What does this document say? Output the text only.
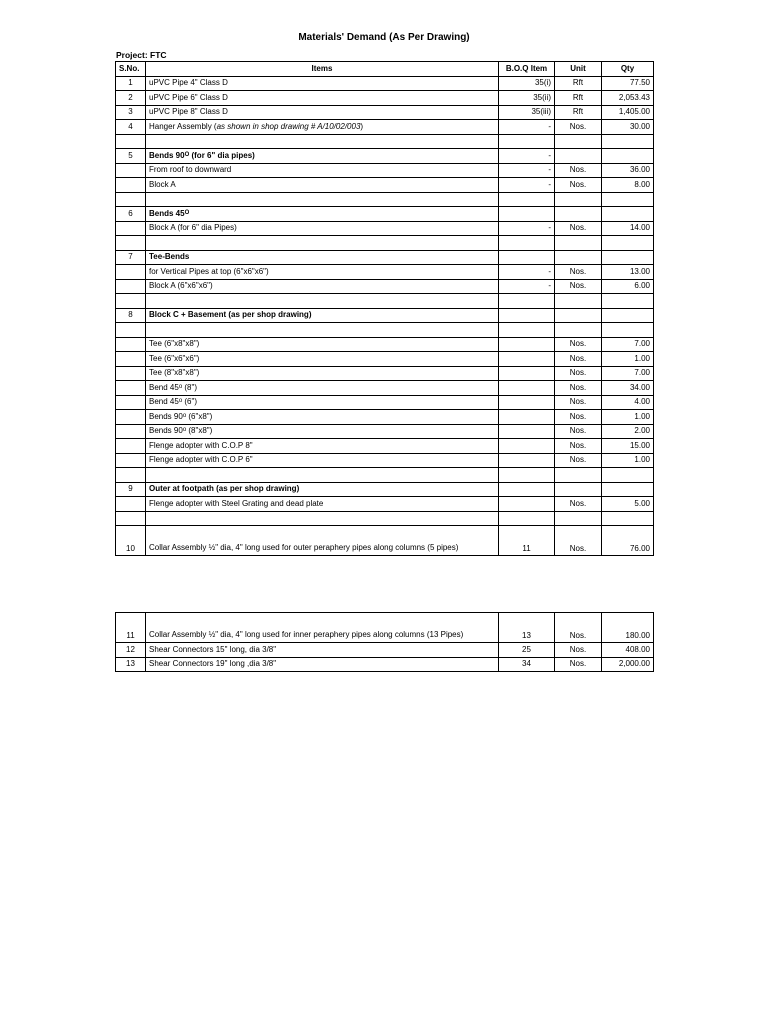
Materials' Demand (As Per Drawing)
Project: FTC
S.No.	Items	B.O.Q Item	Unit	Qty
1	uPVC Pipe 4" Class D	35(i)	Rft	77.50
2	uPVC Pipe 6" Class D	35(ii)	Rft	2,053.43
3	uPVC Pipe 8" Class D	35(iii)	Rft	1,405.00
4	Hanger Assembly (as shown in shop drawing # A/10/02/003)	-	Nos.	30.00

5	Bends $90^O$ (for 6" dia pipes)	-		
	From roof to downward	-	Nos.	36.00
	Block A	-	Nos.	8.00

6	Bends $45^O$			
	Block A (for 6" dia Pipes)	-	Nos.	14.00

7	Tee-Bends			
	for Vertical Pipes at top (6"x6"x6")	-	Nos.	13.00
	Block A (6"x6"x6")	-	Nos.	6.00

8	Block C + Basement (as per shop drawing)			

	Tee (6"x8"x8")		Nos.	7.00
	Tee (6"x6"x6")		Nos.	1.00
	Tee (8"x8"x8")		Nos.	7.00
	Bend 45$^o$ (8")		Nos.	34.00
	Bend 45$^o$ (6")		Nos.	4.00
	Bends 90$^o$ (6"x8")		Nos.	1.00
	Bends 90$^o$ (8"x8")		Nos.	2.00
	Flenge adopter with C.O.P 8"		Nos.	15.00
	Flenge adopter with C.O.P 6"		Nos.	1.00

9	Outer at footpath (as per shop drawing)			
	Flenge adopter with Steel Grating and dead plate		Nos.	5.00

10	Collar Assembly ½" dia, 4" long used for outer peraphery pipes along columns (5 pipes)	11	Nos.	76.00
11	Collar Assembly ½" dia, 4" long used for inner peraphery pipes along columns (13 Pipes)	13	Nos.	180.00
12	Shear Connectors 15" long, dia 3/8"	25	Nos.	408.00
13	Shear Connectors 19" long ,dia 3/8"	34	Nos.	2,000.00
